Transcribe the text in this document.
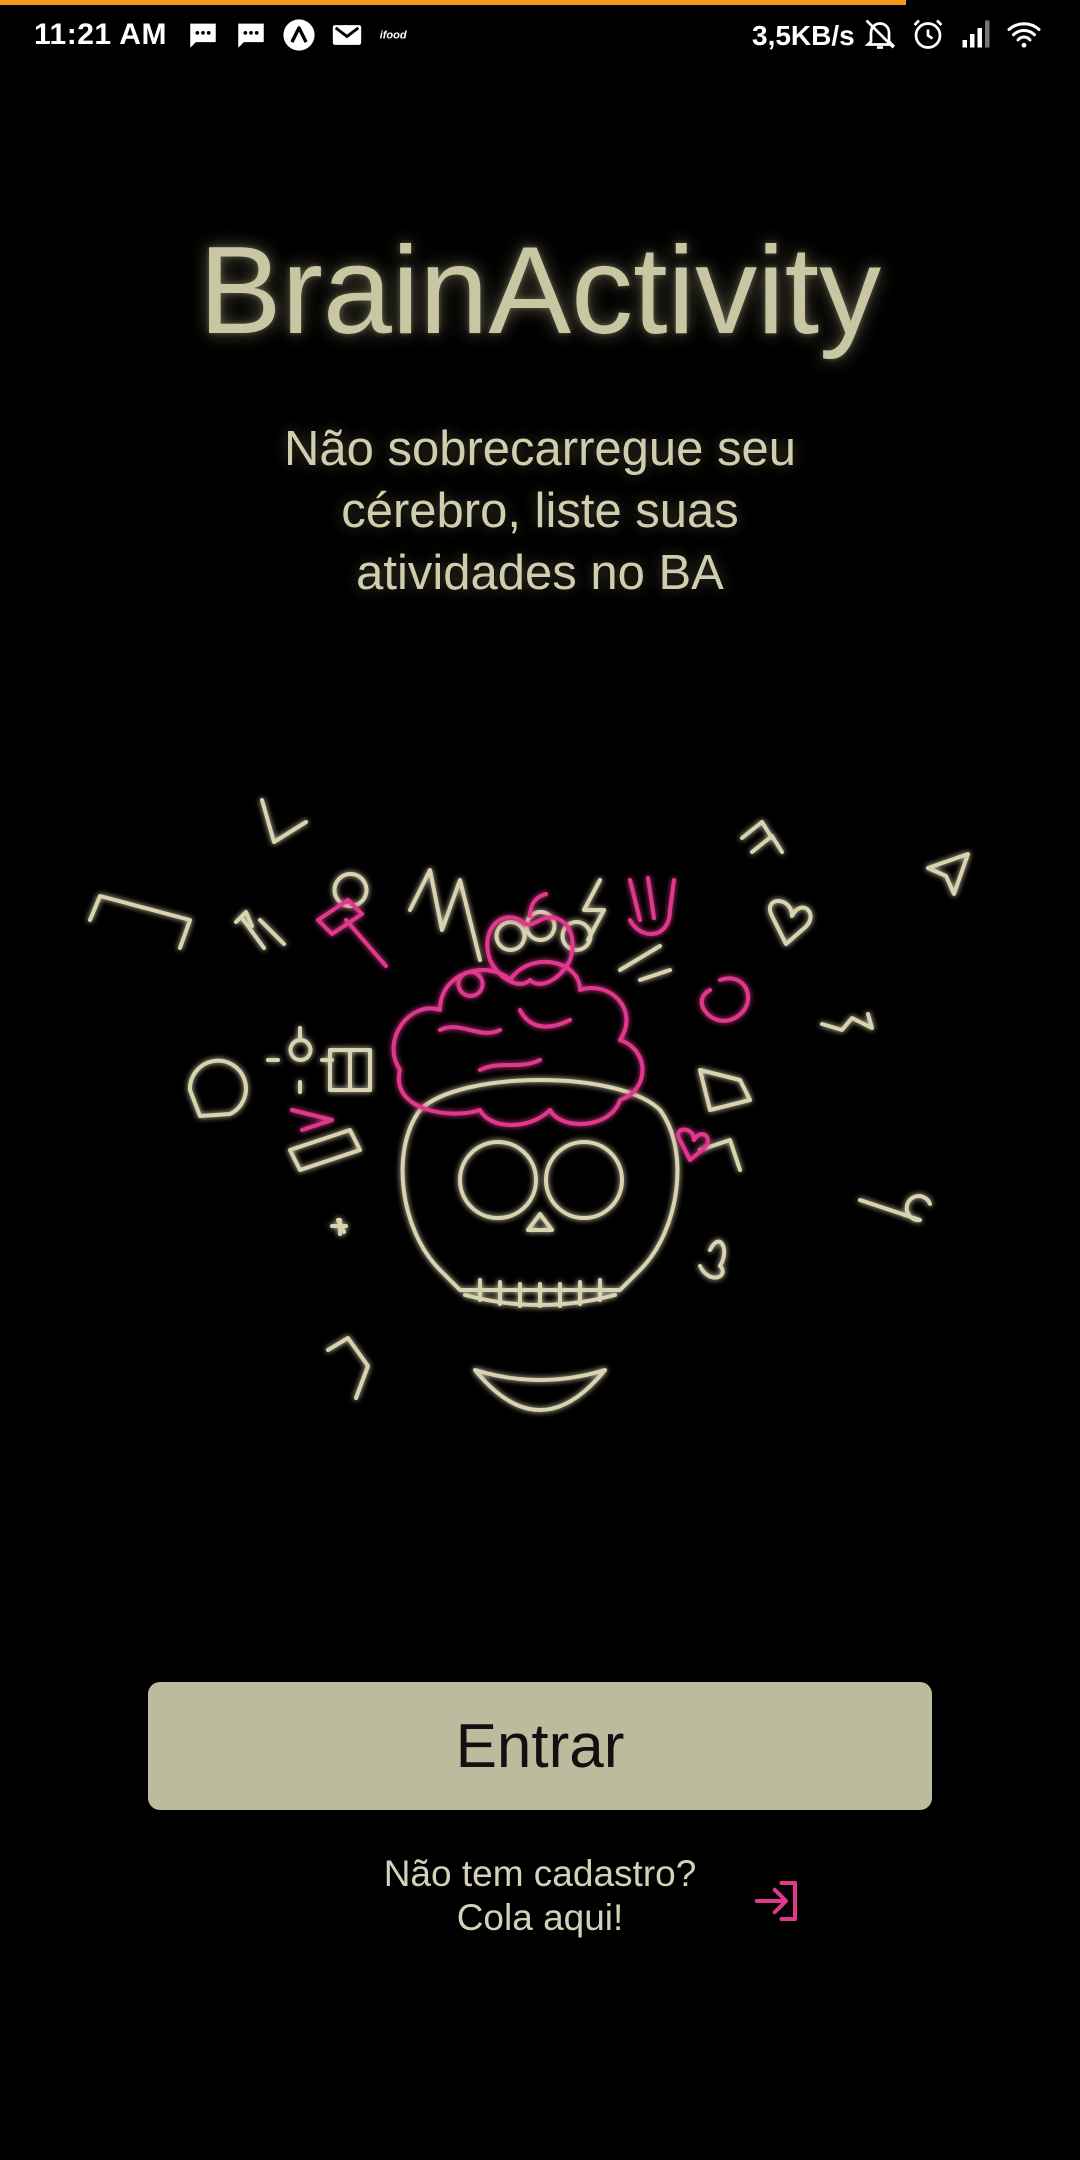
11:21 AM	ifood	3,5KB/s
BrainActivity

Não sobrecarregue seu cérebro, liste suas atividades no BA

Entrar
Não tem cadastro?
Cola aqui!
